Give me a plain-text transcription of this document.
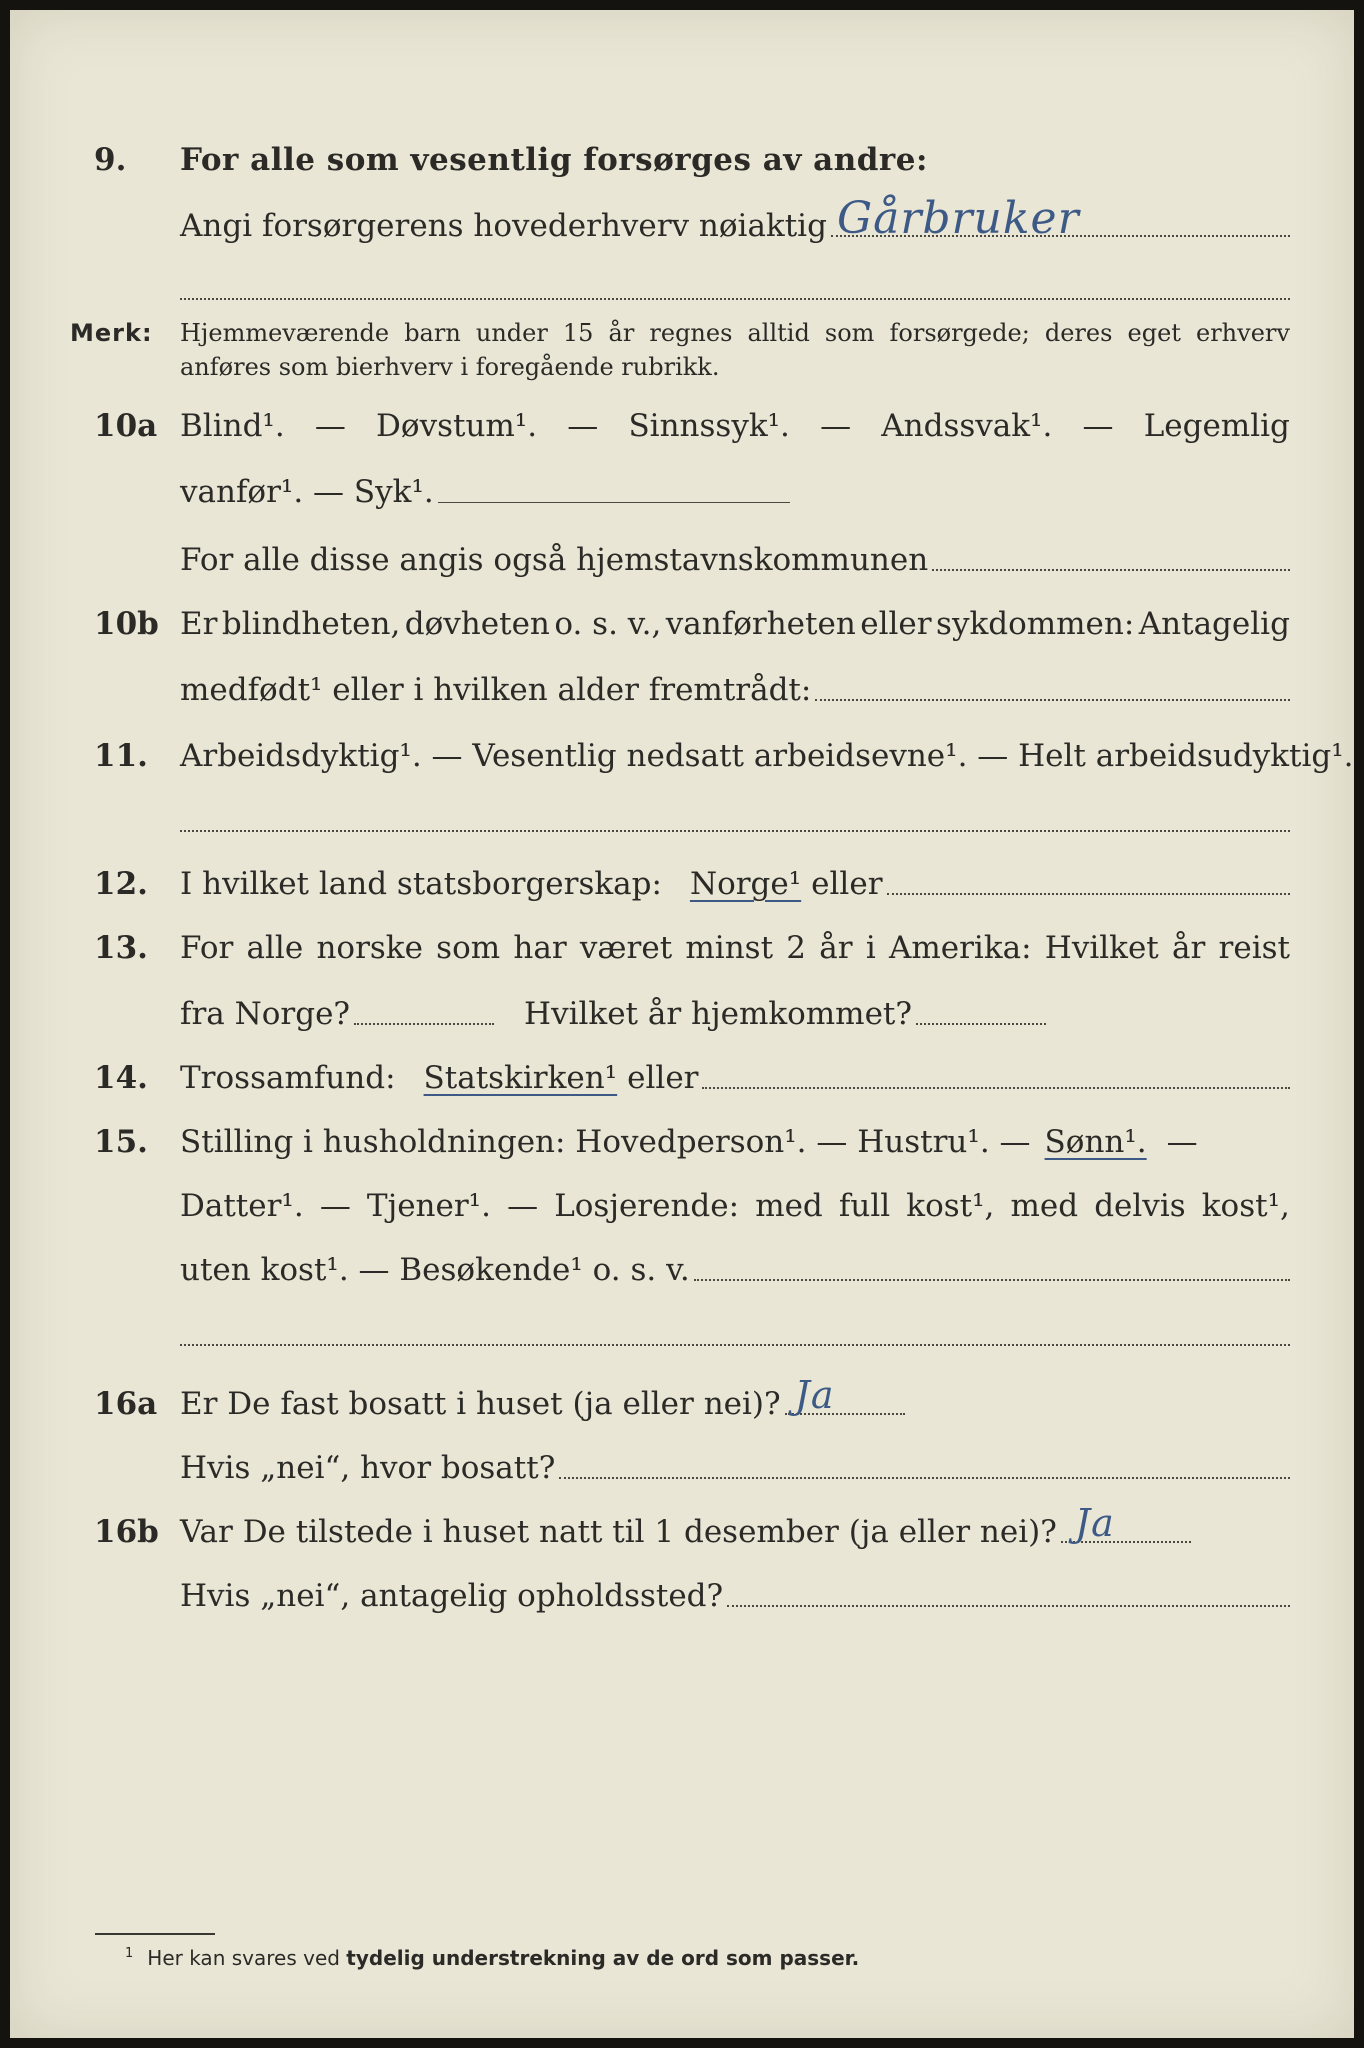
9.	For alle som vesentlig forsørges av andre:
Angi forsørgerens hovederhverv nøiaktig Gårbruker
Merk:	Hjemmeværende barn under 15 år regnes alltid som forsørgede; deres eget erhverv
anføres som bierhverv i foregående rubrikk.
10a Blind¹. — Døvstum¹. — Sinnssyk¹. — Andssvak¹. — Legemlig
vanfør¹. — Syk¹.
For alle disse angis også hjemstavnskommunen
10b Er blindheten, døvheten o. s. v., vanførheten eller sykdommen: Antagelig
medfødt¹ eller i hvilken alder fremtrådt:
11.	Arbeidsdyktig¹. — Vesentlig nedsatt arbeidsevne¹. — Helt arbeidsudyktig¹.
12.	I hvilket land statsborgerskap: Norge¹ eller
13.	For alle norske som har været minst 2 år i Amerika: Hvilket år reist
fra Norge?	Hvilket år hjemkommet?
14.	Trossamfund: Statskirken¹ eller
15.	Stilling i husholdningen: Hovedperson¹. — Hustru¹. — Sønn¹. —
Datter¹. — Tjener¹. — Losjerende: med full kost¹, med delvis kost¹,
uten kost¹. — Besøkende¹ o. s. v.
16a Er De fast bosatt i huset (ja eller nei)? Ja
Hvis „nei“, hvor bosatt?
16b Var De tilstede i huset natt til 1 desember (ja eller nei)? Ja
Hvis „nei“, antagelig opholdssted?
$^1$ Her kan svares ved tydelig understrekning av de ord som passer.
